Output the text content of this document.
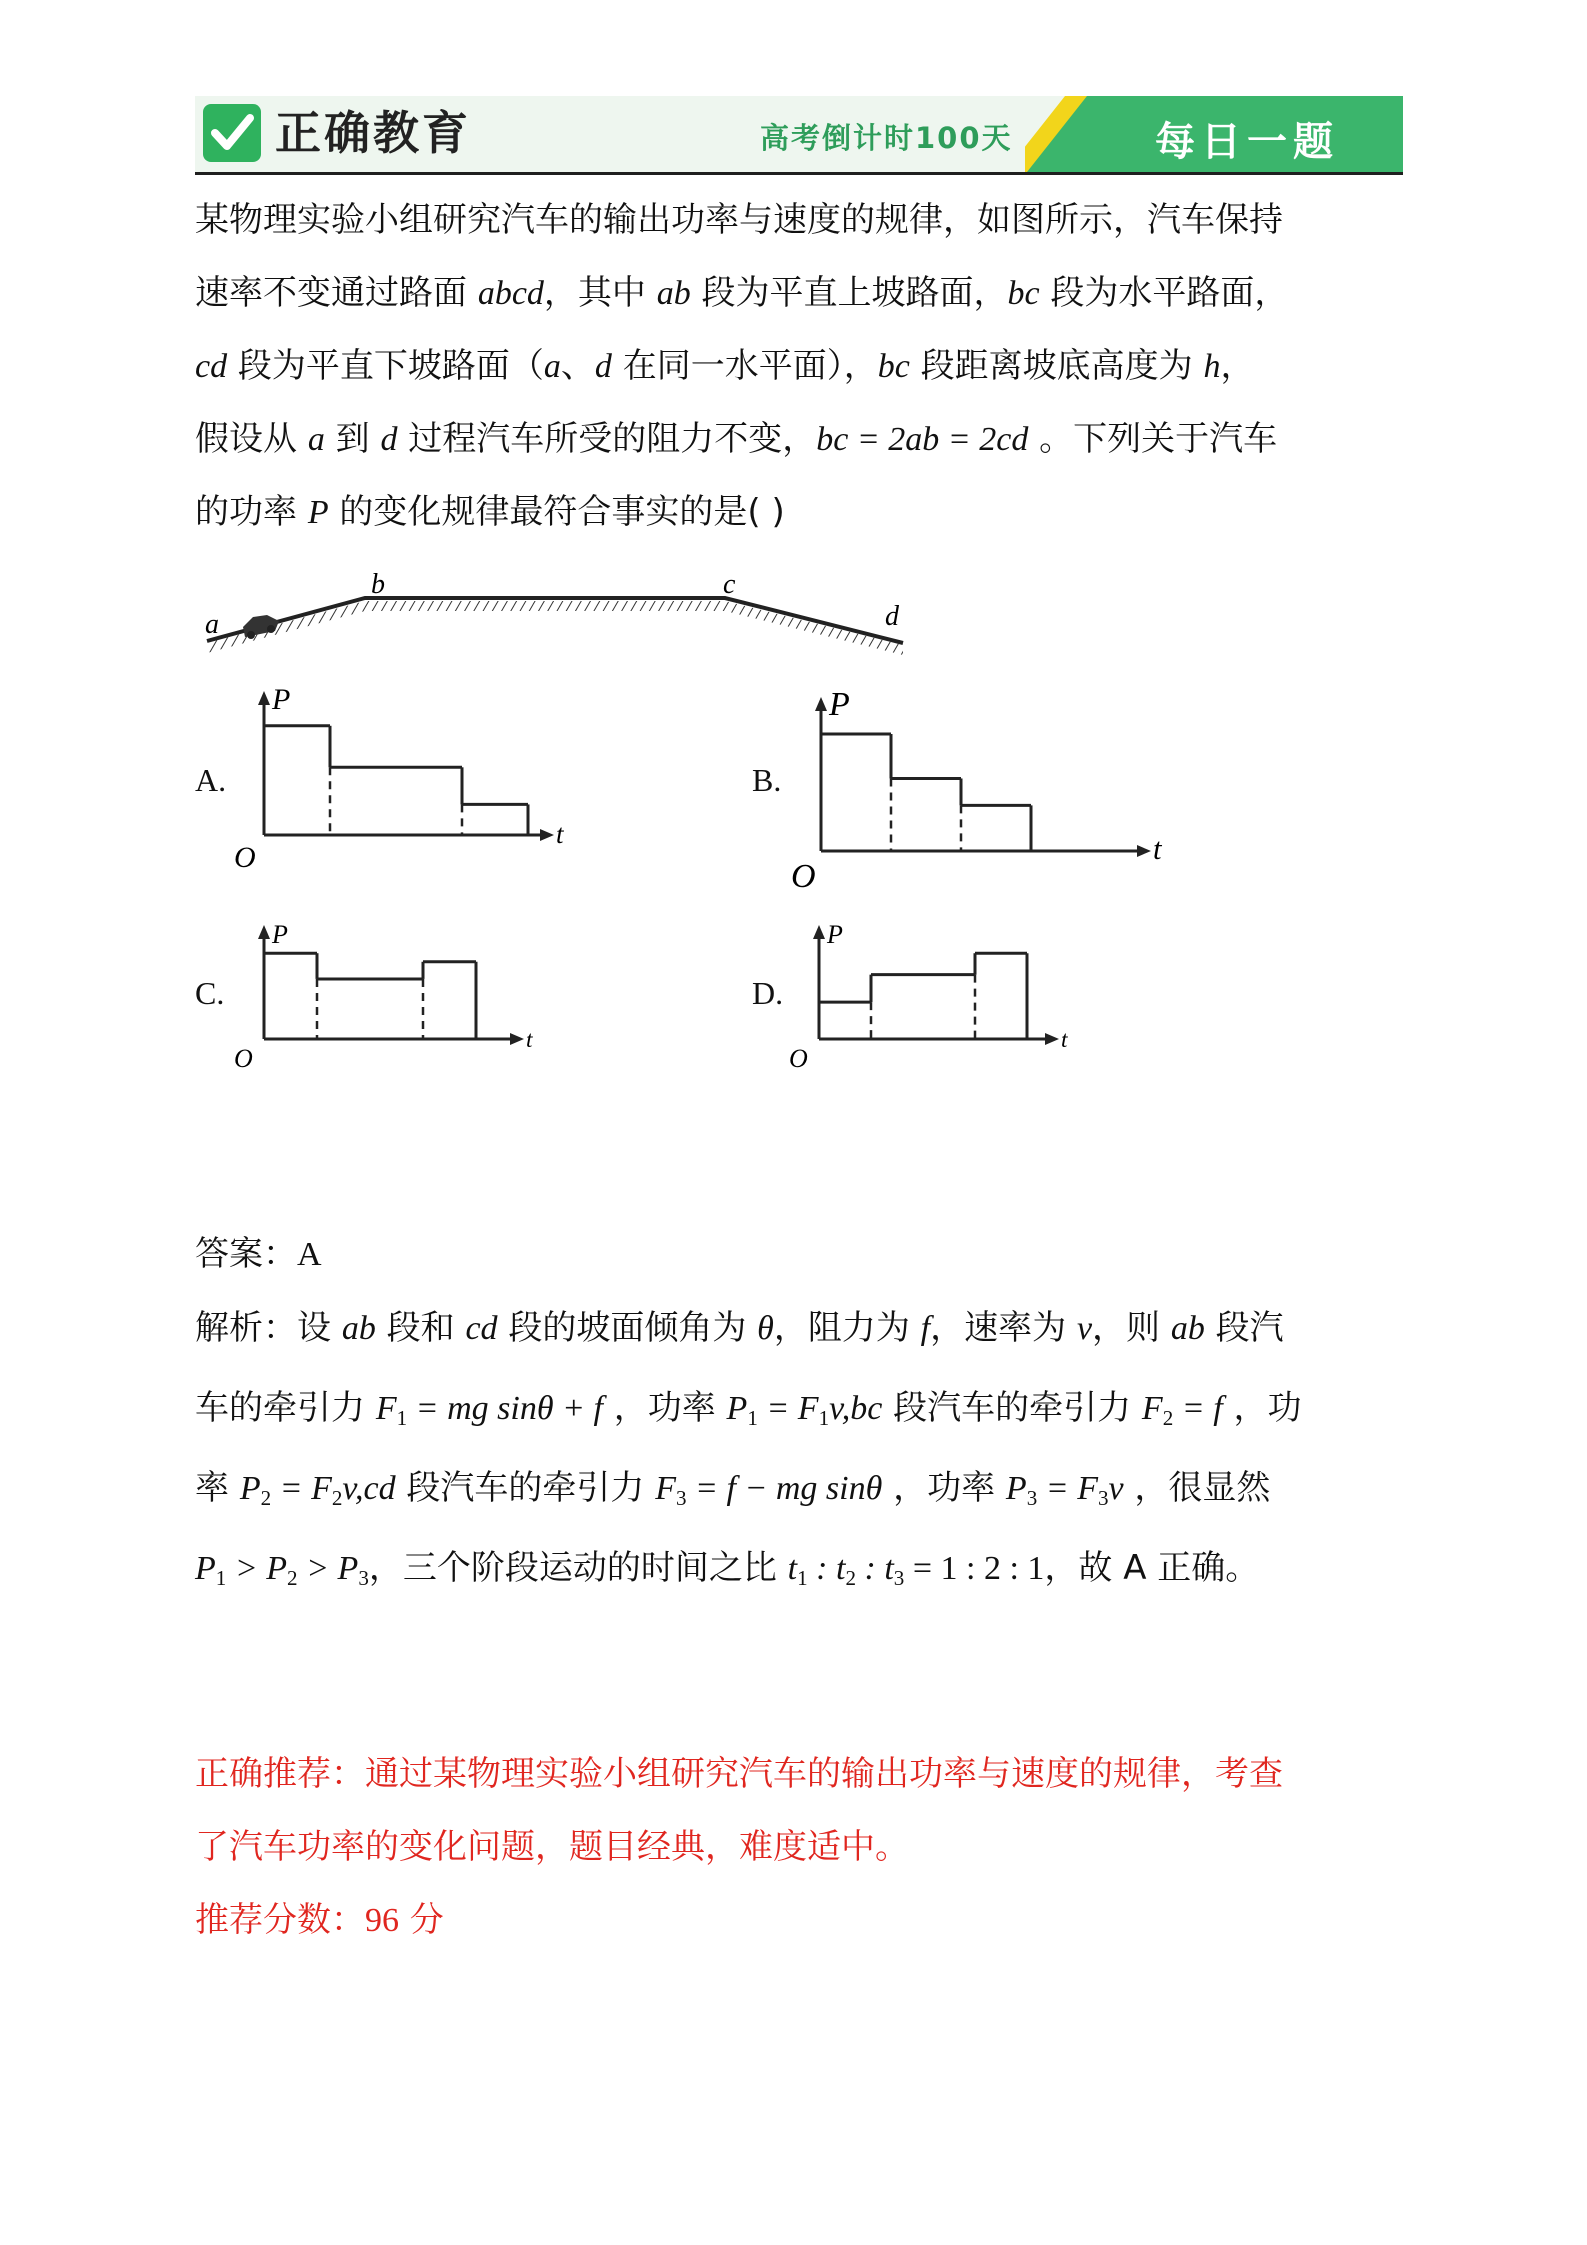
正确教育	高考倒计时100天	每日一题
某物理实验小组研究汽车的输出功率与速度的规律，如图所示，汽车保持
速率不变通过路面 abcd，其中 ab 段为平直上坡路面，bc 段为水平路面，
cd 段为平直下坡路面（a、d 在同一水平面），bc 段距离坡底高度为 h，
假设从 a 到 d 过程汽车所受的阻力不变，bc = 2ab = 2cd 。下列关于汽车
的功率 P 的变化规律最符合事实的是( )
a
b	c
d
A.
P
t
O
B.
P
t
O
C.
P
t
O
D.
P
t
O
答案：A
解析：设 ab 段和 cd 段的坡面倾角为 θ，阻力为 f，速率为 v，则 ab 段汽
车的牵引力 $F_1$ = mg sinθ + f ，功率 $P_1 = F_1v,bc$ 段汽车的牵引力 $F_2 = f$ ，功
率 $P_2 = F_2v,cd$ 段汽车的牵引力 $F_3 = f$ − mg sinθ ，功率 $P_3 = F_3v$ ，很显然
$P_1 > P_2 > P_3$，三个阶段运动的时间之比 $t_1$ : $t_2$ : $t_3 = 1$ : 2 : 1，故 A 正确。
正确推荐：通过某物理实验小组研究汽车的输出功率与速度的规律，考查
了汽车功率的变化问题，题目经典，难度适中。
推荐分数：96 分
